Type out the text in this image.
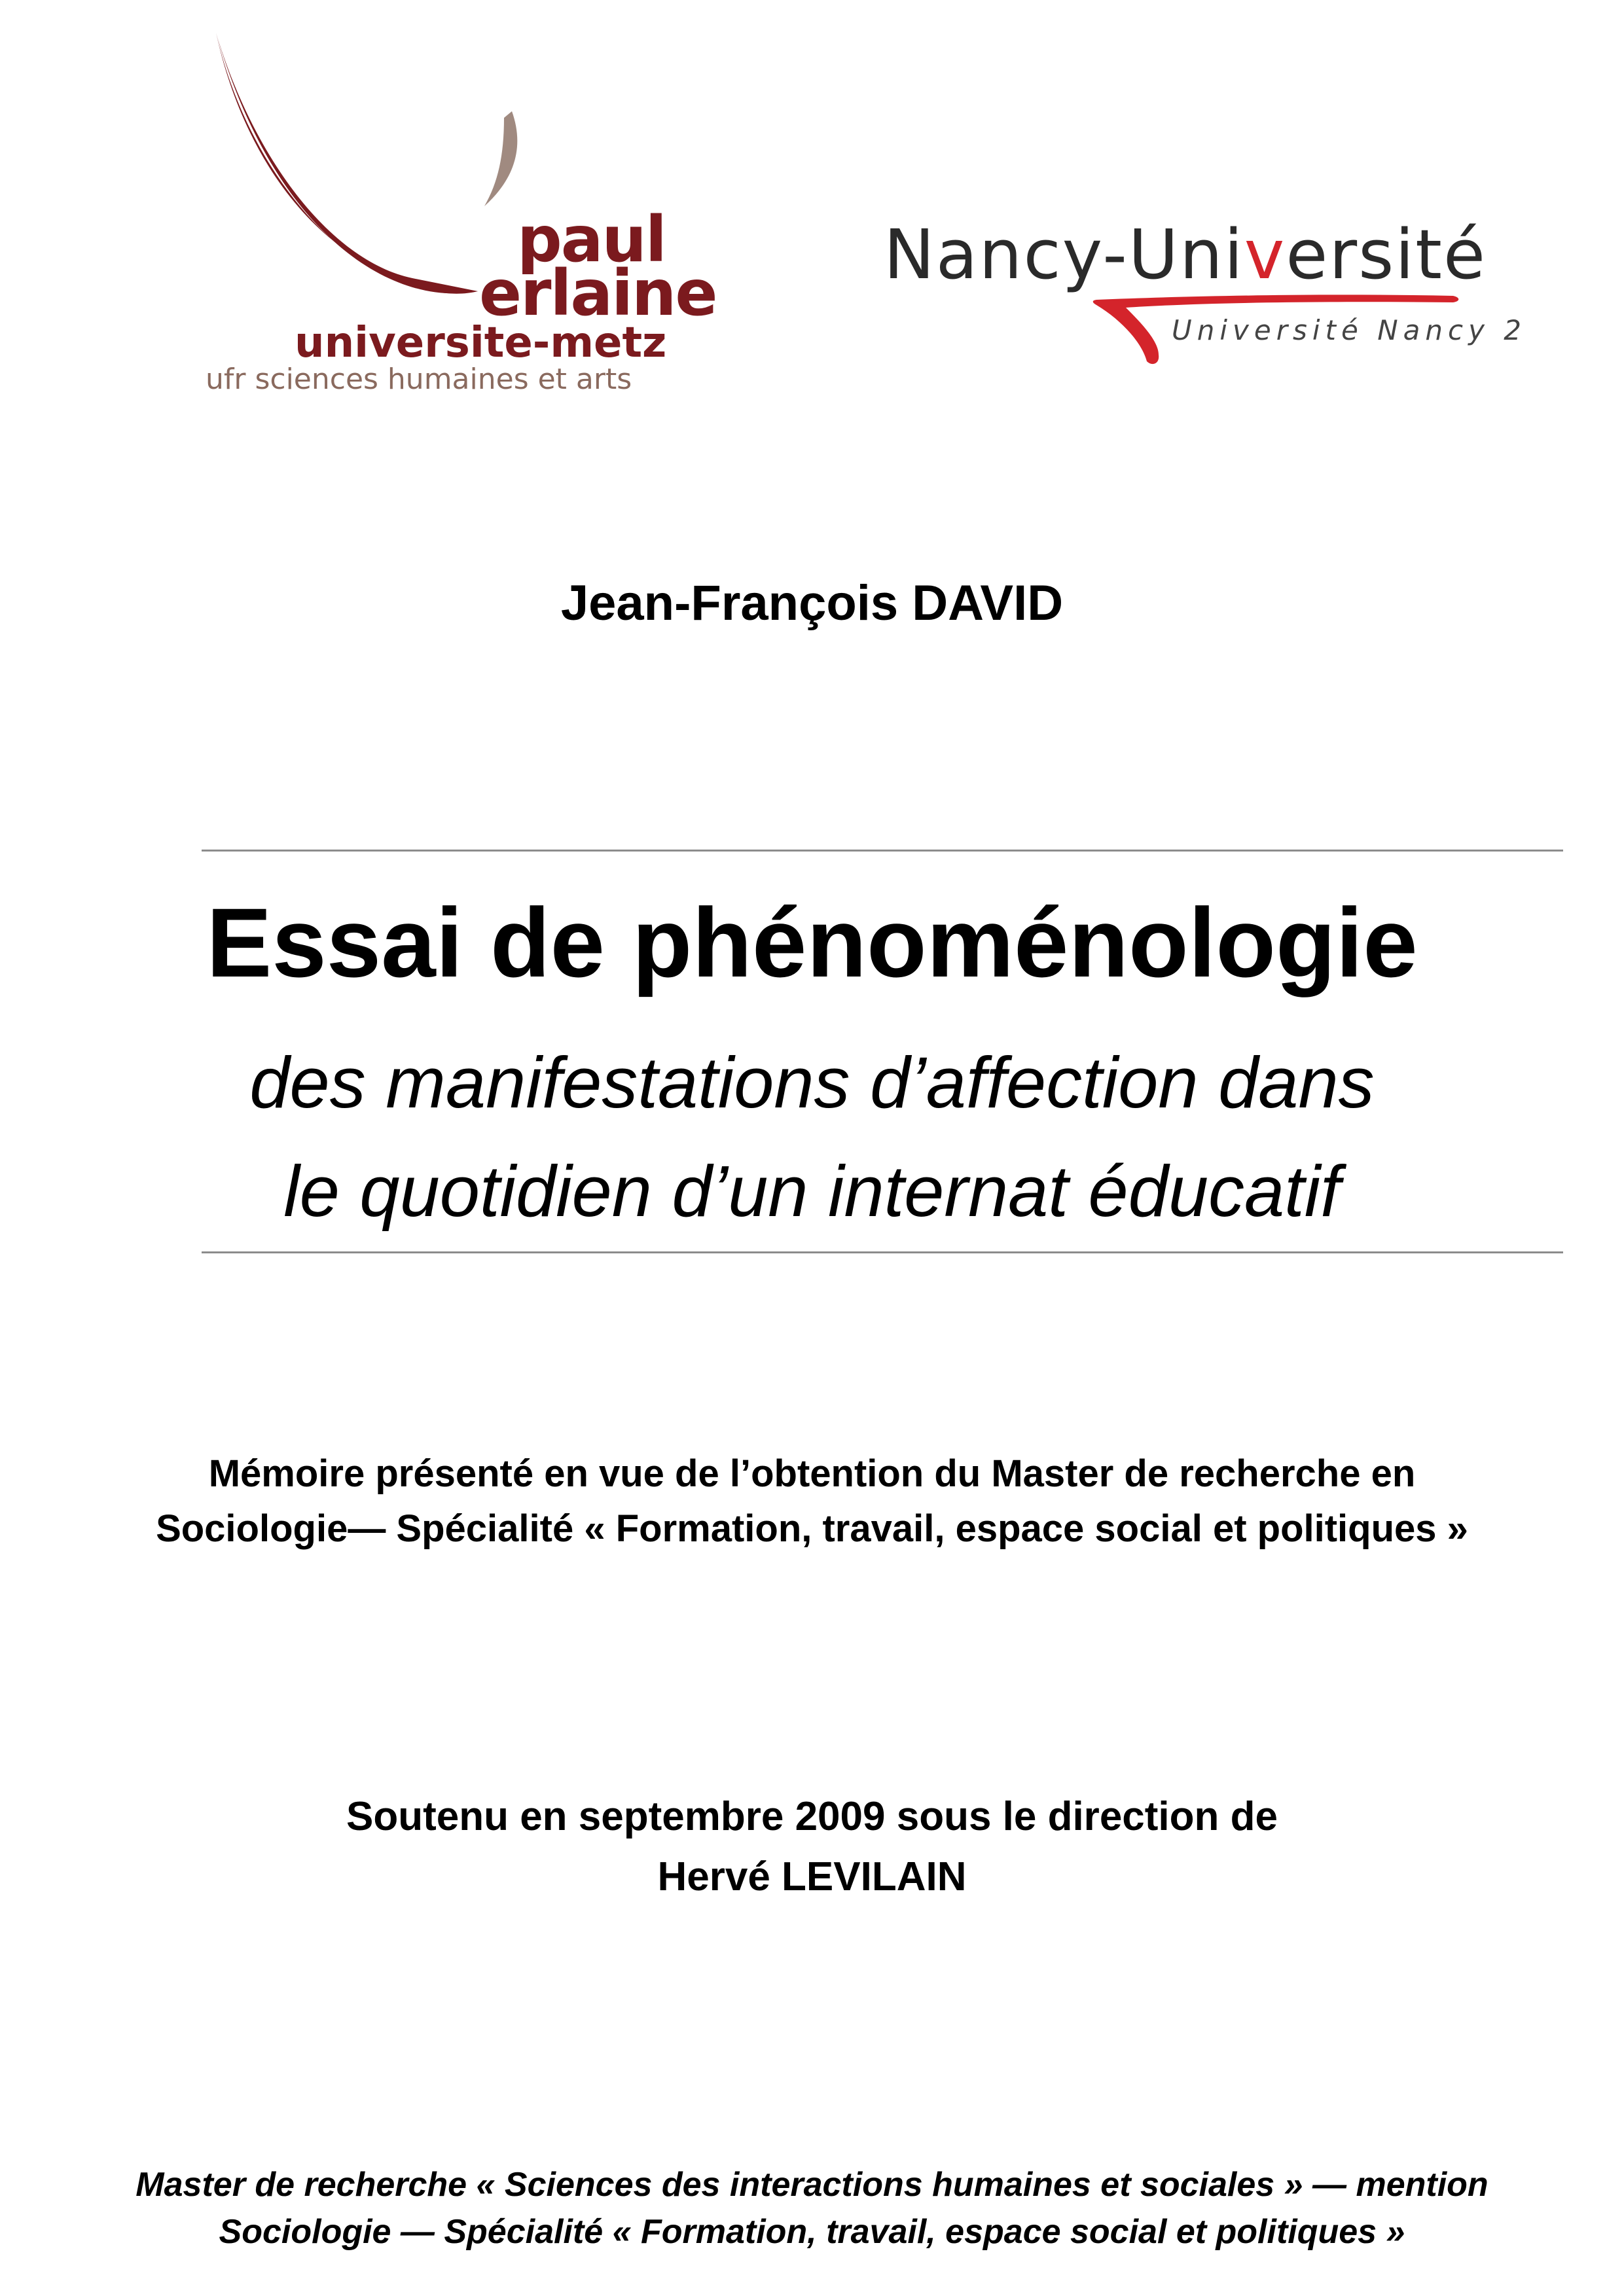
paul
erlaine
universite-metz
ufr sciences humaines et arts
Nancy-Université
Université Nancy 2
Jean-François DAVID
Essai de phénoménologie
des manifestations d’affection dans
le quotidien d’un internat éducatif
Mémoire présenté en vue de l’obtention du Master de recherche en
Sociologie— Spécialité « Formation, travail, espace social et politiques »
Soutenu en septembre 2009 sous le direction de
Hervé LEVILAIN
Master de recherche « Sciences des interactions humaines et sociales » — mention
Sociologie — Spécialité « Formation, travail, espace social et politiques »
